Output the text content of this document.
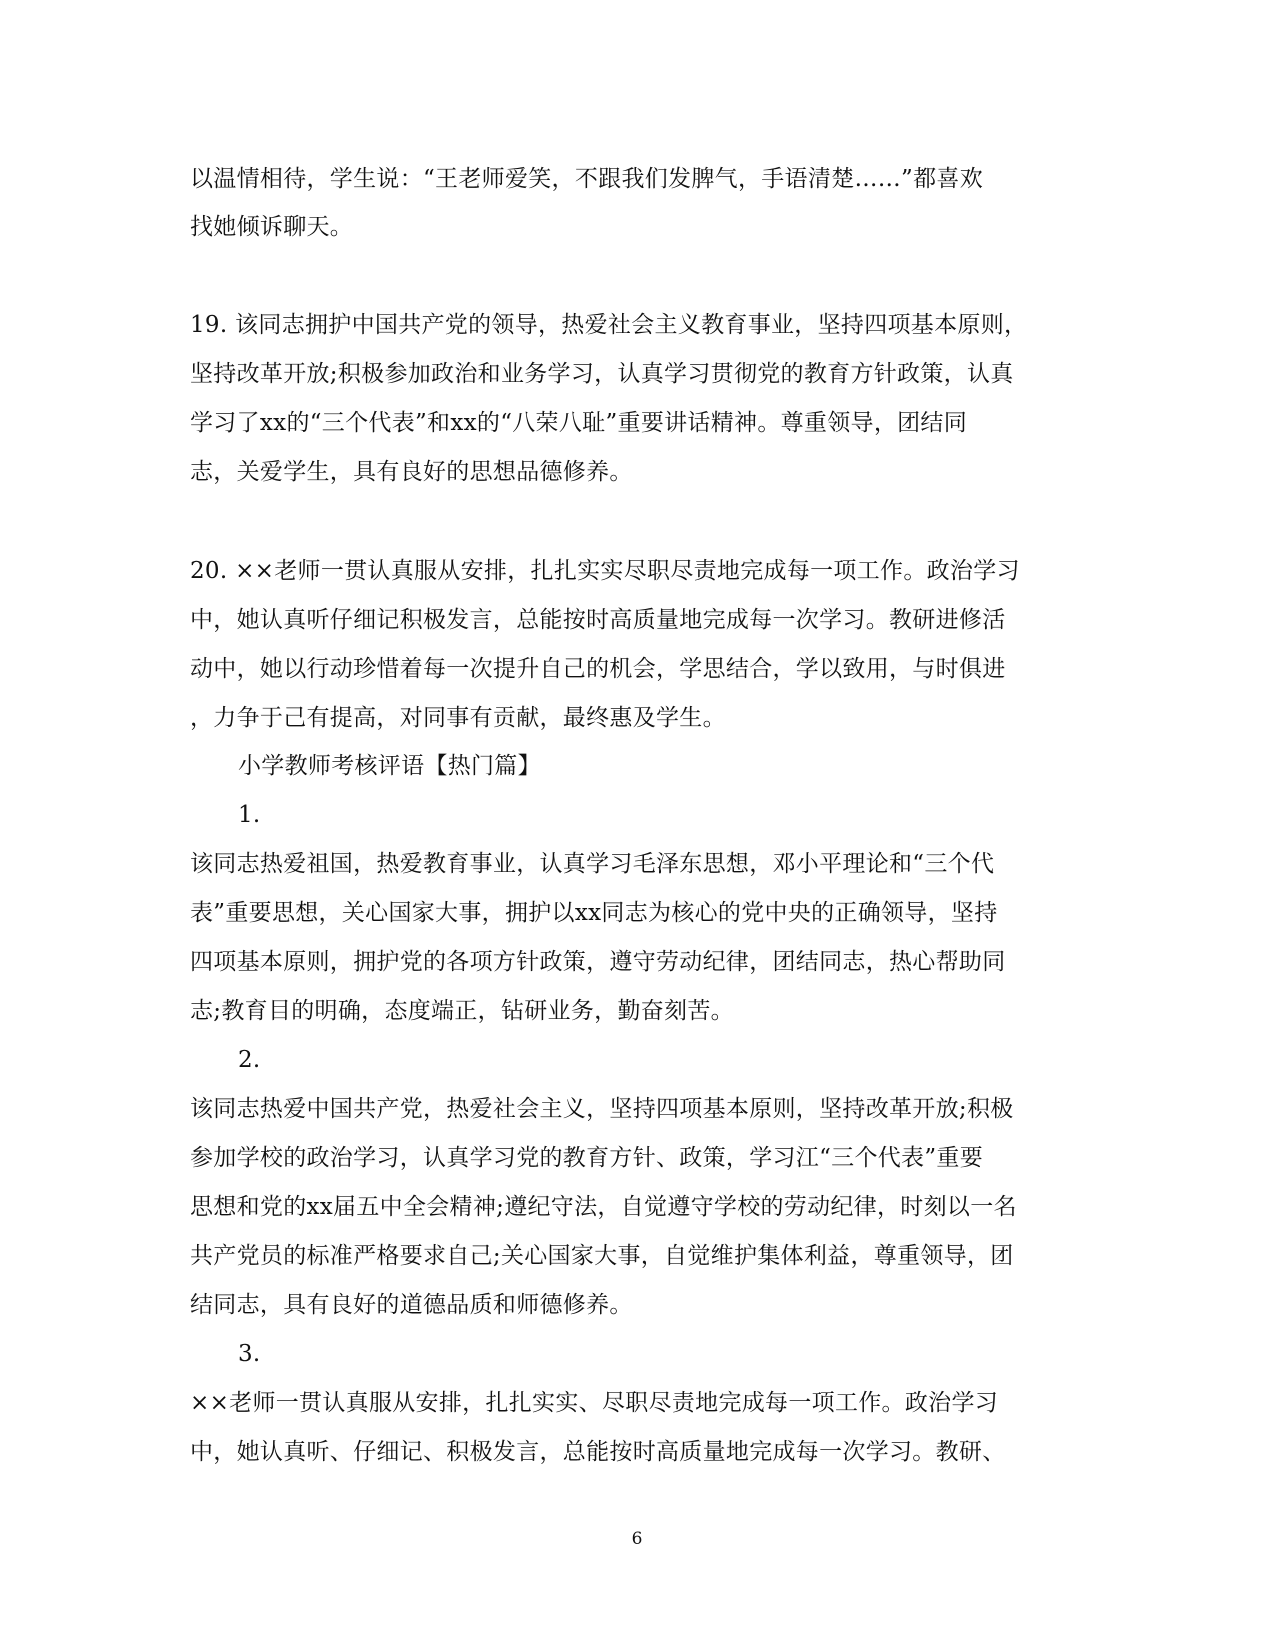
以温情相待，学生说：“王老师爱笑，不跟我们发脾气，手语清楚……”都喜欢
找她倾诉聊天。
19. 该同志拥护中国共产党的领导，热爱社会主义教育事业，坚持四项基本原则，
坚持改革开放;积极参加政治和业务学习，认真学习贯彻党的教育方针政策，认真
学习了xx的“三个代表”和xx的“八荣八耻”重要讲话精神。尊重领导，团结同
志，关爱学生，具有良好的思想品德修养。
20. ××老师一贯认真服从安排，扎扎实实尽职尽责地完成每一项工作。政治学习
中，她认真听仔细记积极发言，总能按时高质量地完成每一次学习。教研进修活
动中，她以行动珍惜着每一次提升自己的机会，学思结合，学以致用，与时俱进
，力争于己有提高，对同事有贡献，最终惠及学生。
小学教师考核评语【热门篇】
1.
该同志热爱祖国，热爱教育事业，认真学习毛泽东思想，邓小平理论和“三个代
表”重要思想，关心国家大事，拥护以xx同志为核心的党中央的正确领导，坚持
四项基本原则，拥护党的各项方针政策，遵守劳动纪律，团结同志，热心帮助同
志;教育目的明确，态度端正，钻研业务，勤奋刻苦。
2.
该同志热爱中国共产党，热爱社会主义，坚持四项基本原则，坚持改革开放;积极
参加学校的政治学习，认真学习党的教育方针、政策，学习江“三个代表”重要
思想和党的xx届五中全会精神;遵纪守法，自觉遵守学校的劳动纪律，时刻以一名
共产党员的标准严格要求自己;关心国家大事，自觉维护集体利益，尊重领导，团
结同志，具有良好的道德品质和师德修养。
3.
××老师一贯认真服从安排，扎扎实实、尽职尽责地完成每一项工作。政治学习
中，她认真听、仔细记、积极发言，总能按时高质量地完成每一次学习。教研、
6
